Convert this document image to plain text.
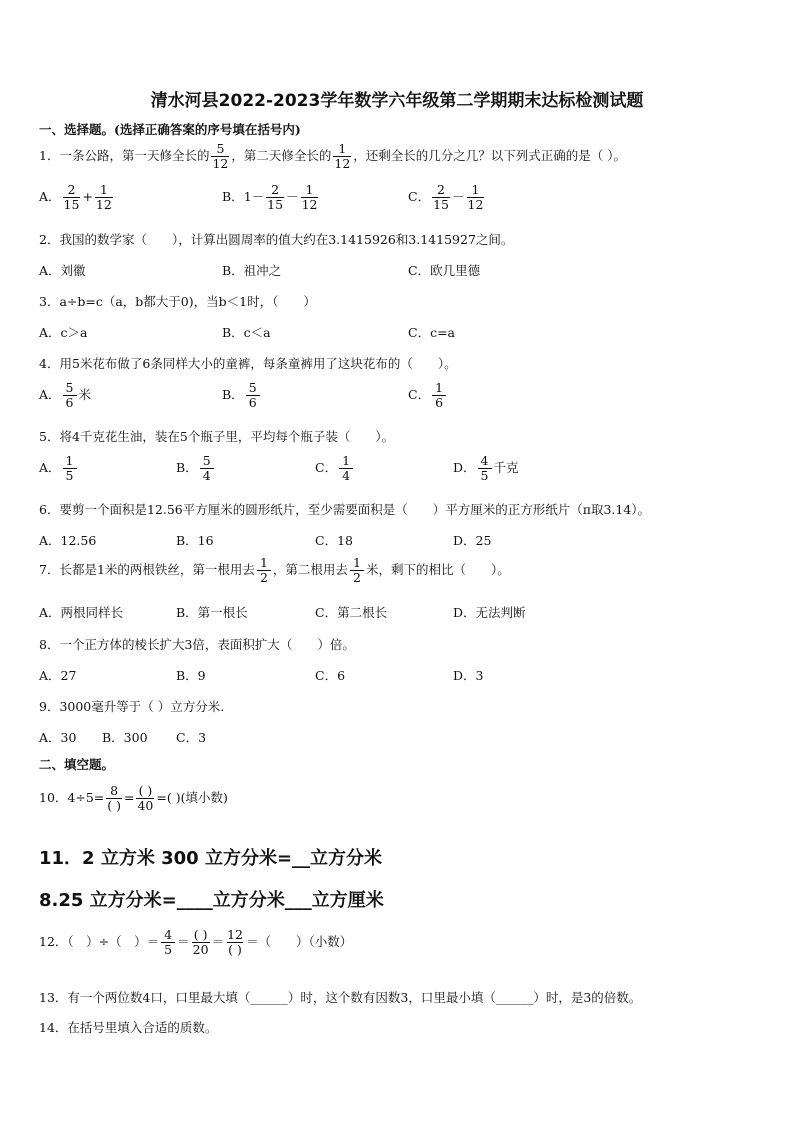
清水河县2022-2023学年数学六年级第二学期期末达标检测试题
一、选择题。(选择正确答案的序号填在括号内)
1．一条公路，第一天修全长的 $\frac{5}{12}$ ，第二天修全长的 $\frac{1}{12}$ ，还剩全长的几分之几？以下列式正确的是（ ）。
A． $\frac{2}{15} + \frac{1}{12}$	B．$1- \frac{2}{15} - \frac{1}{12}$	C． $\frac{2}{15} - \frac{1}{12}$
2．我国的数学家（　　），计算出圆周率的值大约在3.1415926和3.1415927之间。
A．刘徽	B．祖冲之	C．欧几里德
3．a÷b=c（a，b都大于0)，当b＜1时，（　　）
A．c＞a	B．c＜a	C．c=a
4．用5米花布做了6条同样大小的童裤，每条童裤用了这块花布的（　　）。
A． $\frac{5}{6}$ 米	B． $\frac{5}{6}$	C． $\frac{1}{6}$
5．将4千克花生油，装在5个瓶子里，平均每个瓶子装（　　）。
A． $\frac{1}{5}$	B． $\frac{5}{4}$	C． $\frac{1}{4}$	D． $\frac{4}{5}$ 千克
6．要剪一个面积是12.56平方厘米的圆形纸片，至少需要面积是（　　）平方厘米的正方形纸片（π取3.14）。
A．12.56	B．16	C．18	D．25
7．长都是1米的两根铁丝，第一根用去 $\frac{1}{2}$ ，第二根用去 $\frac{1}{2}$ 米，剩下的相比（　　）。
A．两根同样长	B．第一根长	C．第二根长	D．无法判断
8．一个正方体的棱长扩大3倍，表面积扩大（　　）倍。
A．27	B．9	C．6	D．3
9．3000毫升等于（ ）立方分米.
A．30 B．300 C．3
二、填空题。
10．$4\div 5= \frac{8}{( )} = \frac{( )}{40}$ =( )(填小数)
11．2 立方米 300 立方分米=__立方分米
8.25 立方分米=____立方分米___立方厘米
12．（　）÷（　）＝ $\frac{4}{5} = \frac{( )}{20} = \frac{12}{( )}$ ＝（　　）（小数）
13．有一个两位数4口，口里最大填（______）时，这个数有因数3，口里最小填（______）时，是3的倍数。
14．在括号里填入合适的质数。
